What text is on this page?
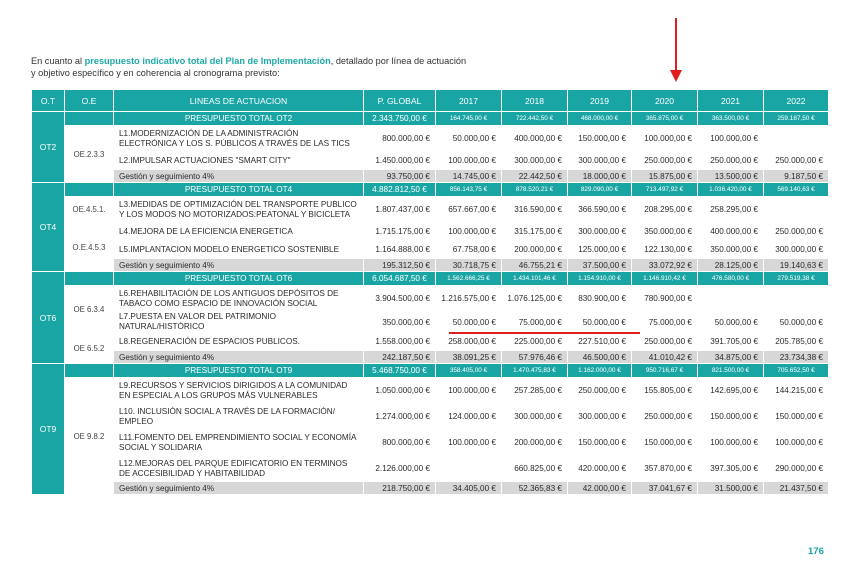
En cuanto al presupuesto indicativo total del Plan de Implementación, detallado por línea de actuación
y objetivo específico y en coherencia al cronograma previsto:
O.T	O.E	LINEAS DE ACTUACION	P. GLOBAL	2017	2018	2019	2020	2021	2022
OT2		PRESUPUESTO TOTAL OT2	2.343.750,00 €	164.745,00 €	722.442,50 €	468.000,00 €	365.875,00 €	363.500,00 €	259.187,50 €
	OE.2.3.3	L1.MODERNIZACIÓN DE LA ADMINISTRACIÓN ELECTRÓNICA Y LOS S. PÚBLICOS A TRAVÉS DE LAS TICS	800.000,00 €	50.000,00 €	400.000,00 €	150.000,00 €	100.000,00 €	100.000,00 €	
		L2.IMPULSAR ACTUACIONES "SMART CITY"	1.450.000,00 €	100.000,00 €	300.000,00 €	300.000,00 €	250.000,00 €	250.000,00 €	250.000,00 €
		Gestión y seguimiento 4%	93.750,00 €	14.745,00 €	22.442,50 €	18.000,00 €	15.875,00 €	13.500,00 €	9.187,50 €
OT4		PRESUPUESTO TOTAL OT4	4.882.812,50 €	856.143,75 €	878.520,21 €	829.090,00 €	713.497,92 €	1.036.420,00 €	569.140,63 €
	OE.4.5.1.	L3.MEDIDAS DE OPTIMIZACIÓN DEL TRANSPORTE PUBLICO Y LOS MODOS NO MOTORIZADOS:PEATONAL Y BICICLETA	1.807.437,00 €	657.667,00 €	316.590,00 €	366.590,00 €	208.295,00 €	258.295,00 €	
	O.E.4.5.3	L4.MEJORA DE LA EFICIENCIA ENERGETICA	1.715.175,00 €	100.000,00 €	315.175,00 €	300.000,00 €	350.000,00 €	400.000,00 €	250.000,00 €
		L5.IMPLANTACION MODELO ENERGETICO SOSTENIBLE	1.164.888,00 €	67.758,00 €	200.000,00 €	125.000,00 €	122.130,00 €	350.000,00 €	300.000,00 €
		Gestión y seguimiento 4%	195.312,50 €	30.718,75 €	46.755,21 €	37.500,00 €	33.072,92 €	28.125,00 €	19.140,63 €
OT6		PRESUPUESTO TOTAL OT6	6.054.687,50 €	1.562.666,25 €	1.434.101,46 €	1.154.910,00 €	1.146.910,42 €	476.580,00 €	279.519,38 €
	OE 6.3.4	L6.REHABILITACIÓN DE LOS ANTIGUOS DEPÓSITOS DE TABACO COMO ESPACIO DE INNOVACIÓN SOCIAL	3.904.500,00 €	1.216.575,00 €	1.076.125,00 €	830.900,00 €	780.900,00 €		
		L7.PUESTA EN VALOR DEL PATRIMONIO NATURAL/HISTÓRICO	350.000,00 €	50.000,00 €	75.000,00 €	50.000,00 €	75.000,00 €	50.000,00 €	50.000,00 €
	OE 6.5.2	L8.REGENERACIÓN DE ESPACIOS PUBLICOS.	1.558.000,00 €	258.000,00 €	225.000,00 €	227.510,00 €	250.000,00 €	391.705,00 €	205.785,00 €
		Gestión y seguimiento 4%	242.187,50 €	38.091,25 €	57.976,46 €	46.500,00 €	41.010,42 €	34.875,00 €	23.734,38 €
OT9		PRESUPUESTO TOTAL OT9	5.468.750,00 €	358.405,00 €	1.470.475,83 €	1.162.000,00 €	950.716,67 €	821.500,00 €	705.652,50 €
	OE 9.8.2	L9.RECURSOS Y SERVICIOS DIRIGIDOS A LA COMUNIDAD EN ESPECIAL A LOS GRUPOS MÁS VULNERABLES	1.050.000,00 €	100.000,00 €	257.285,00 €	250.000,00 €	155.805,00 €	142.695,00 €	144.215,00 €
		L10. INCLUSIÓN SOCIAL A TRAVÉS DE LA FORMACIÓN/ EMPLEO	1.274.000,00 €	124.000,00 €	300.000,00 €	300.000,00 €	250.000,00 €	150.000,00 €	150.000,00 €
		L11.FOMENTO DEL EMPRENDIMIENTO SOCIAL Y ECONOMÍA SOCIAL Y SOLIDARIA	800.000,00 €	100.000,00 €	200.000,00 €	150.000,00 €	150.000,00 €	100.000,00 €	100.000,00 €
		L12.MEJORAS DEL PARQUE EDIFICATORIO EN TERMINOS DE ACCESIBILIDAD Y HABITABILIDAD	2.126.000,00 €		660.825,00 €	420.000,00 €	357.870,00 €	397.305,00 €	290.000,00 €
		Gestión y seguimiento 4%	218.750,00 €	34.405,00 €	52.365,83 €	42.000,00 €	37.041,67 €	31.500,00 €	21.437,50 €
176
